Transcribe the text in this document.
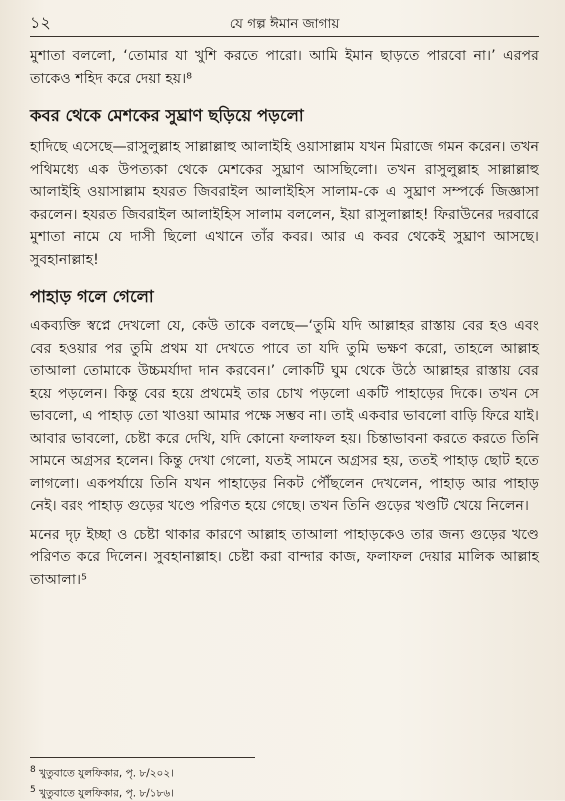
১২	যে গল্প ঈমান জাগায়

মুশাতা বললো, ‘তোমার যা খুশি করতে পারো। আমি ইমান ছাড়তে পারবো না।’ এরপর তাকেও শহিদ করে দেয়া হয়।⁸

কবর থেকে মেশকের সুঘ্রাণ ছড়িয়ে পড়লো

হাদিছে এসেছে—রাসুলুল্লাহ সাল্লাল্লাহু আলাইহি ওয়াসাল্লাম যখন মিরাজে গমন করেন। তখন পথিমধ্যে এক উপত্যকা থেকে মেশকের সুঘ্রাণ আসছিলো। তখন রাসুলুল্লাহ সাল্লাল্লাহু আলাইহি ওয়াসাল্লাম হযরত জিবরাইল আলাইহিস সালাম-কে এ সুঘ্রাণ সম্পর্কে জিজ্ঞাসা করলেন। হযরত জিবরাইল আলাইহিস সালাম বললেন, ইয়া রাসুলাল্লাহ! ফিরাউনের দরবারে মুশাতা নামে যে দাসী ছিলো এখানে তাঁর কবর। আর এ কবর থেকেই সুঘ্রাণ আসছে। সুবহানাল্লাহ!

পাহাড় গলে গেলো

একব্যক্তি স্বপ্নে দেখলো যে, কেউ তাকে বলছে—‘তুমি যদি আল্লাহর রাস্তায় বের হও এবং বের হওয়ার পর তুমি প্রথম যা দেখতে পাবে তা যদি তুমি ভক্ষণ করো, তাহলে আল্লাহ তাআলা তোমাকে উচ্চমর্যাদা দান করবেন।’ লোকটি ঘুম থেকে উঠে আল্লাহর রাস্তায় বের হয়ে পড়লেন। কিন্তু বের হয়ে প্রথমেই তার চোখ পড়লো একটি পাহাড়ের দিকে। তখন সে ভাবলো, এ পাহাড় তো খাওয়া আমার পক্ষে সম্ভব না। তাই একবার ভাবলো বাড়ি ফিরে যাই। আবার ভাবলো, চেষ্টা করে দেখি, যদি কোনো ফলাফল হয়। চিন্তাভাবনা করতে করতে তিনি সামনে অগ্রসর হলেন। কিন্তু দেখা গেলো, যতই সামনে অগ্রসর হয়, ততই পাহাড় ছোট হতে লাগলো। একপর্যায়ে তিনি যখন পাহাড়ের নিকট পৌঁছলেন দেখলেন, পাহাড় আর পাহাড় নেই। বরং পাহাড় গুড়ের খণ্ডে পরিণত হয়ে গেছে। তখন তিনি গুড়ের খণ্ডটি খেয়ে নিলেন।

মনের দৃঢ় ইচ্ছা ও চেষ্টা থাকার কারণে আল্লাহ তাআলা পাহাড়কেও তার জন্য গুড়ের খণ্ডে পরিণত করে দিলেন। সুবহানাল্লাহ। চেষ্টা করা বান্দার কাজ, ফলাফল দেয়ার মালিক আল্লাহ তাআলা।⁵

8 খুতুবাতে যুলফিকার, পৃ. ৮/২০২।
5 খুতুবাতে যুলফিকার, পৃ. ৮/১৮৬।
